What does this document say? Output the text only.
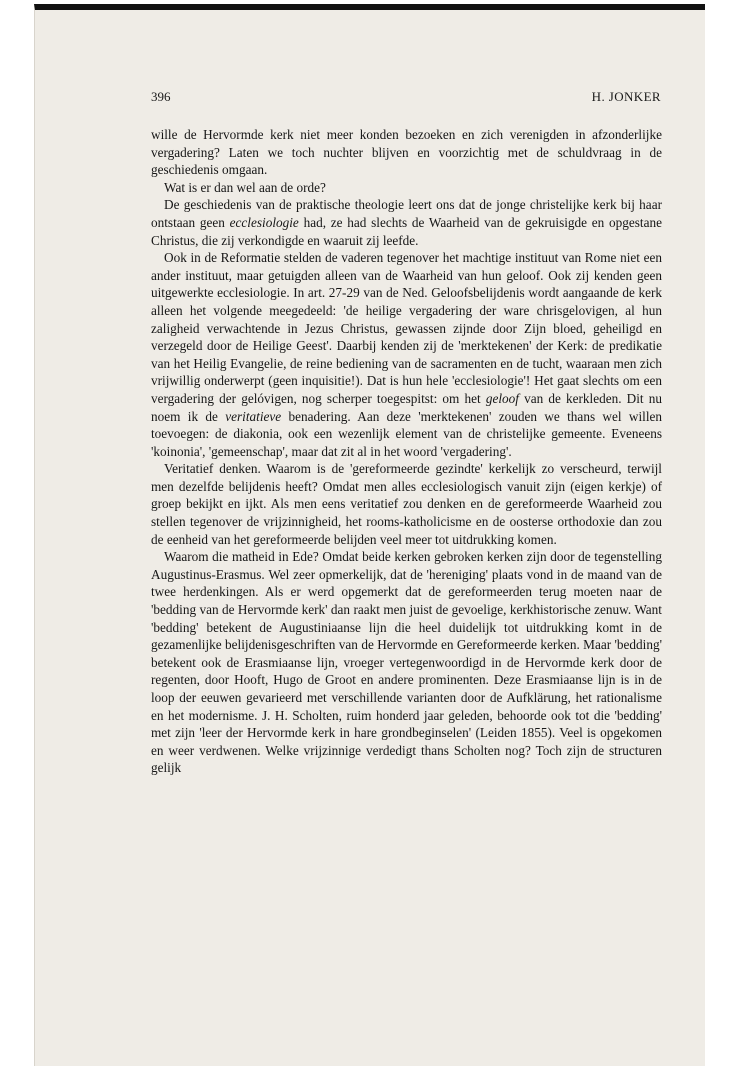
396	H. JONKER

wille de Hervormde kerk niet meer konden bezoeken en zich verenigden in afzonderlijke vergadering? Laten we toch nuchter blijven en voorzichtig met de schuldvraag in de geschiedenis omgaan.

Wat is er dan wel aan de orde?

De geschiedenis van de praktische theologie leert ons dat de jonge christelijke kerk bij haar ontstaan geen ecclesiologie had, ze had slechts de Waarheid van de gekruisigde en opgestane Christus, die zij verkondigde en waaruit zij leefde.

Ook in de Reformatie stelden de vaderen tegenover het machtige instituut van Rome niet een ander instituut, maar getuigden alleen van de Waarheid van hun geloof. Ook zij kenden geen uitgewerkte ecclesiologie. In art. 27-29 van de Ned. Geloofsbelijdenis wordt aangaande de kerk alleen het volgende meegedeeld: 'de heilige vergadering der ware chrisgelovigen, al hun zaligheid verwachtende in Jezus Christus, gewassen zijnde door Zijn bloed, geheiligd en verzegeld door de Heilige Geest'. Daarbij kenden zij de 'merktekenen' der Kerk: de predikatie van het Heilig Evangelie, de reine bediening van de sacramenten en de tucht, waaraan men zich vrijwillig onderwerpt (geen inquisitie!). Dat is hun hele 'ecclesiologie'! Het gaat slechts om een vergadering der gelóvigen, nog scherper toegespitst: om het geloof van de kerkleden. Dit nu noem ik de veritatieve benadering. Aan deze 'merktekenen' zouden we thans wel willen toevoegen: de diakonia, ook een wezenlijk element van de christelijke gemeente. Eveneens 'koinonia', 'gemeenschap', maar dat zit al in het woord 'vergadering'.

Veritatief denken. Waarom is de 'gereformeerde gezindte' kerkelijk zo verscheurd, terwijl men dezelfde belijdenis heeft? Omdat men alles ecclesiologisch vanuit zijn (eigen kerkje) of groep bekijkt en ijkt. Als men eens veritatief zou denken en de gereformeerde Waarheid zou stellen tegenover de vrijzinnigheid, het rooms-katholicisme en de oosterse orthodoxie dan zou de eenheid van het gereformeerde belijden veel meer tot uitdrukking komen.

Waarom die matheid in Ede? Omdat beide kerken gebroken kerken zijn door de tegenstelling Augustinus-Erasmus. Wel zeer opmerkelijk, dat de 'hereniging' plaats vond in de maand van de twee herdenkingen. Als er werd opgemerkt dat de gereformeerden terug moeten naar de 'bedding van de Hervormde kerk' dan raakt men juist de gevoelige, kerkhistorische zenuw. Want 'bedding' betekent de Augustiniaanse lijn die heel duidelijk tot uitdrukking komt in de gezamenlijke belijdenisgeschriften van de Hervormde en Gereformeerde kerken. Maar 'bedding' betekent ook de Erasmiaanse lijn, vroeger vertegenwoordigd in de Hervormde kerk door de regenten, door Hooft, Hugo de Groot en andere prominenten. Deze Erasmiaanse lijn is in de loop der eeuwen gevarieerd met verschillende varianten door de Aufklärung, het rationalisme en het modernisme. J. H. Scholten, ruim honderd jaar geleden, behoorde ook tot die 'bedding' met zijn 'leer der Hervormde kerk in hare grondbeginselen' (Leiden 1855). Veel is opgekomen en weer verdwenen. Welke vrijzinnige verdedigt thans Scholten nog? Toch zijn de structuren gelijk
